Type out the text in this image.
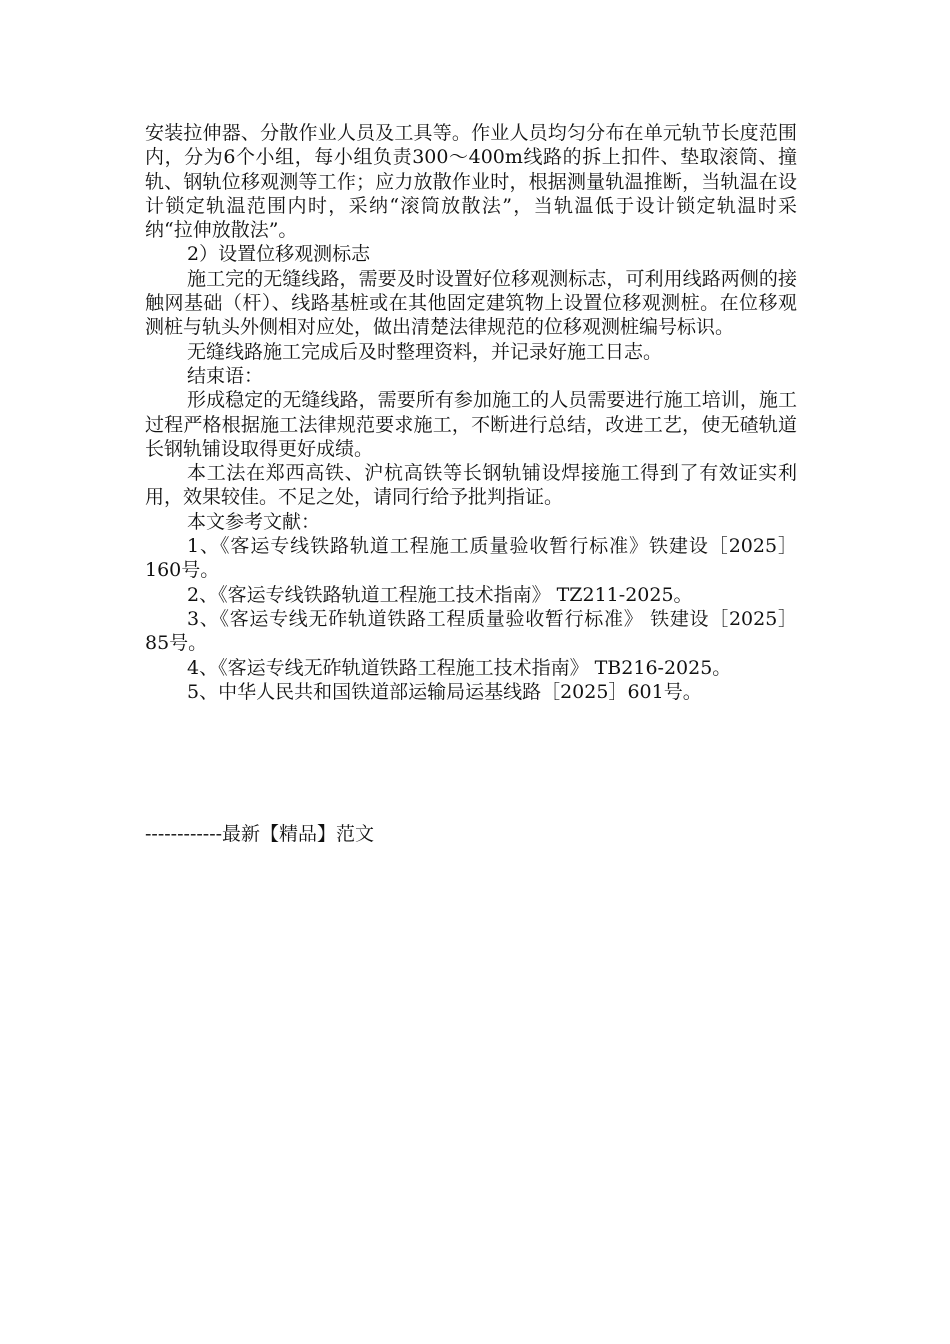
安装拉伸器、分散作业人员及工具等。作业人员均匀分布在单元轨节长度范围内，分为6个小组，每小组负责300～400m线路的拆上扣件、垫取滚筒、撞轨、钢轨位移观测等工作；应力放散作业时，根据测量轨温推断，当轨温在设计锁定轨温范围内时，采纳“滚筒放散法”，当轨温低于设计锁定轨温时采纳“拉伸放散法”。

2）设置位移观测标志

施工完的无缝线路，需要及时设置好位移观测标志，可利用线路两侧的接触网基础（杆）、线路基桩或在其他固定建筑物上设置位移观测桩。在位移观测桩与轨头外侧相对应处，做出清楚法律规范的位移观测桩编号标识。

无缝线路施工完成后及时整理资料，并记录好施工日志。

结束语：

形成稳定的无缝线路，需要所有参加施工的人员需要进行施工培训，施工过程严格根据施工法律规范要求施工，不断进行总结，改进工艺，使无碴轨道长钢轨铺设取得更好成绩。

本工法在郑西高铁、沪杭高铁等长钢轨铺设焊接施工得到了有效证实利用，效果较佳。不足之处，请同行给予批判指证。

本文参考文献：

1、《客运专线铁路轨道工程施工质量验收暂行标准》铁建设［2025］160号。

2、《客运专线铁路轨道工程施工技术指南》 TZ211-2025。

3、《客运专线无砟轨道铁路工程质量验收暂行标准》 铁建设［2025］85号。

4、《客运专线无砟轨道铁路工程施工技术指南》 TB216-2025。

5、中华人民共和国铁道部运输局运基线路［2025］601号。

------------最新【精品】范文
